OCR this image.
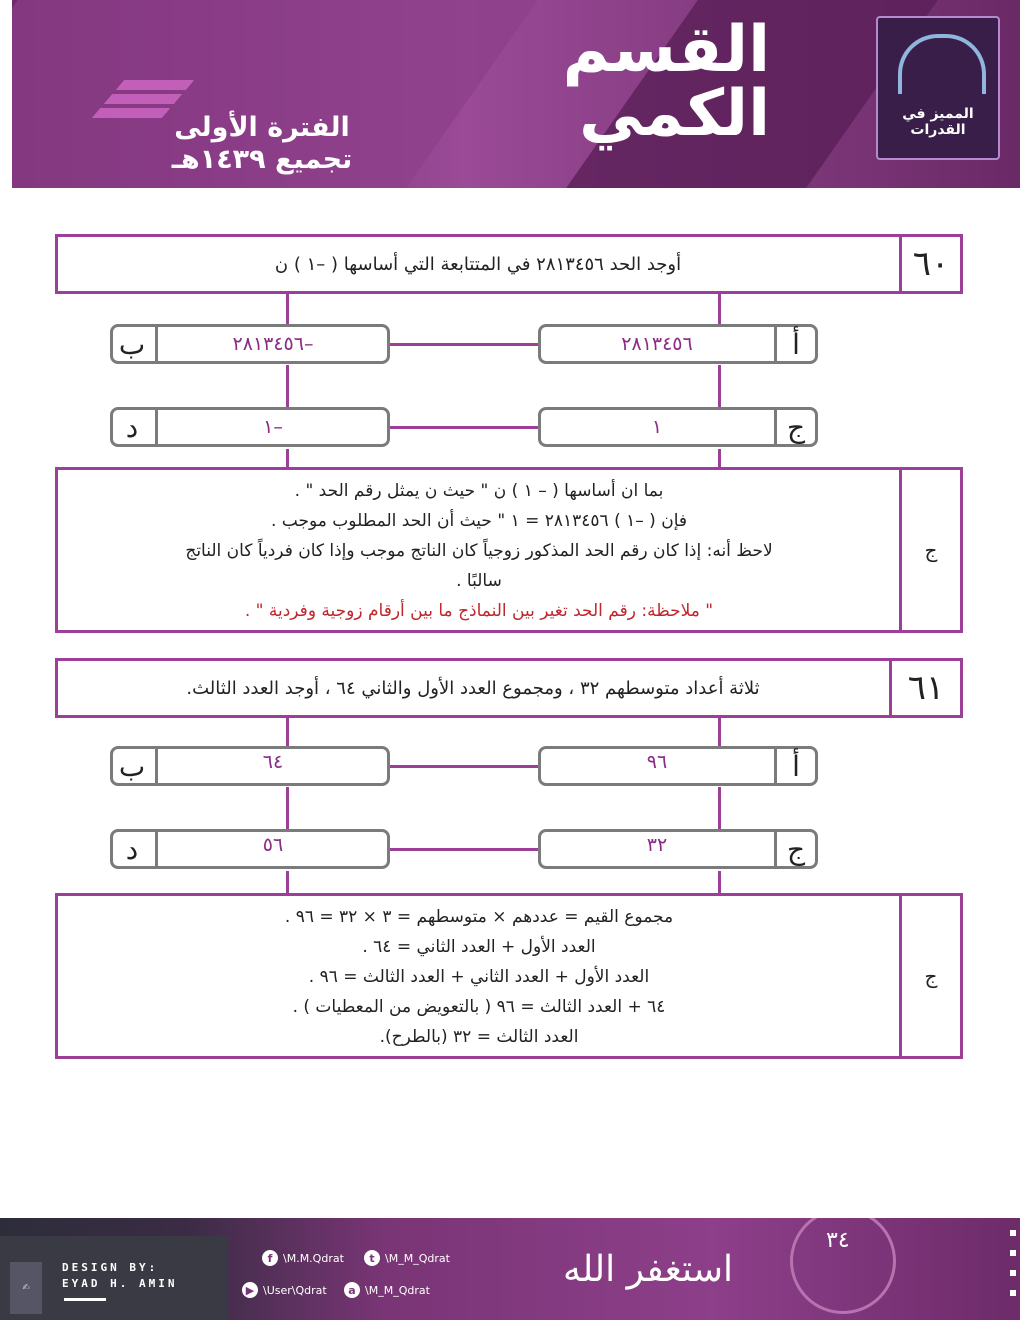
القسم
الكمي
الفترة الأولى
تجميع ١٤٣٩هـ
المميز في القدرات
أوجد الحد ٢٨١٣٤٥٦ في المتتابعة التي أساسها ( –١ ) ن	٦٠
٢٨١٣٤٥٦	أ
ب	–٢٨١٣٤٥٦
١	ج
د	–١
بما ان أساسها ( – ١ ) ن " حيث ن يمثل رقم الحد " .
فإن ( –١ ) ٢٨١٣٤٥٦ = ١ " حيث أن الحد المطلوب موجب .
لاحظ أنه: إذا كان رقم الحد المذكور زوجياً كان الناتج موجب وإذا كان فردياً كان الناتج
سالبًا .
" ملاحظة: رقم الحد تغير بين النماذج ما بين أرقام زوجية وفردية " .
ج
ثلاثة أعداد متوسطهم ٣٢ ، ومجموع العدد الأول والثاني ٦٤ ، أوجد العدد الثالث.	٦١
٩٦	أ
ب	٦٤
٣٢	ج
د	٥٦
مجموع القيم = عددهم × متوسطهم = ٣ × ٣٢ = ٩٦ .
العدد الأول + العدد الثاني = ٦٤ .
العدد الأول + العدد الثاني + العدد الثالث = ٩٦ .
٦٤ + العدد الثالث = ٩٦ ( بالتعويض من المعطيات ) .
العدد الثالث = ٣٢ (بالطرح).
ج
✍
DESIGN BY:
EYAD H. AMIN
f \M.M.Qdrat	t \M_M_Qdrat
▶ \User\Qdrat	a \M_M_Qdrat	استغفر الله
٣٤
